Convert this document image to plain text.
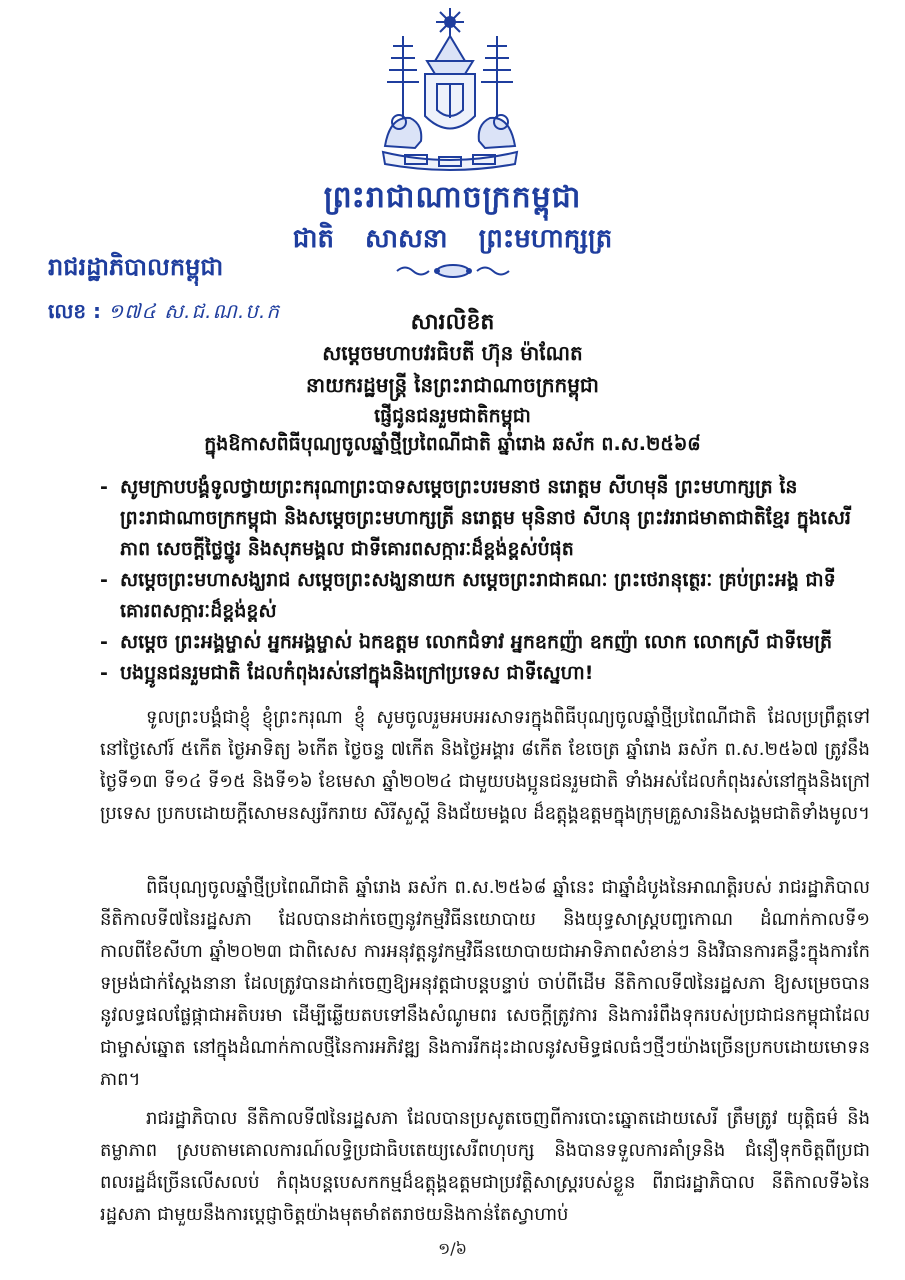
ព្រះរាជាណាចក្រកម្ពុជា
ជាតិ សាសនា ព្រះមហាក្សត្រ
រាជរដ្ឋាភិបាលកម្ពុជា
លេខ : ១៧៤ ស.ជ.ណ.ប.ក	សារលិខិត
សម្តេចមហាបវរធិបតី ហ៊ុន ម៉ាណែត
នាយករដ្ឋមន្ត្រី នៃព្រះរាជាណាចក្រកម្ពុជា
ផ្ញើជូនជនរួមជាតិកម្ពុជា
ក្នុងឱកាសពិធីបុណ្យចូលឆ្នាំថ្មីប្រពៃណីជាតិ ឆ្នាំរោង ឆស័ក ព.ស.២៥៦៨
- សូមក្រាបបង្គំទូលថ្វាយព្រះករុណាព្រះបាទសម្តេចព្រះបរមនាថ នរោត្តម សីហមុនី ព្រះមហាក្សត្រ នៃព្រះរាជាណាចក្រកម្ពុជា និងសម្តេចព្រះមហាក្សត្រី នរោត្តម មុនិនាថ សីហនុ ព្រះវររាជមាតាជាតិខ្មែរ ក្នុងសេរីភាព សេចក្តីថ្លៃថ្នូរ និងសុភមង្គល ជាទីគោរពសក្ការៈដ៏ខ្ពង់ខ្ពស់បំផុត
- សម្តេចព្រះមហាសង្ឃរាជ សម្តេចព្រះសង្ឃនាយក សម្តេចព្រះរាជាគណៈ ព្រះថេរានុត្ថេរៈ គ្រប់ព្រះអង្គ ជាទីគោរពសក្ការៈដ៏ខ្ពង់ខ្ពស់
- សម្តេច ព្រះអង្គម្ចាស់ អ្នកអង្គម្ចាស់ ឯកឧត្តម លោកជំទាវ អ្នកឧកញ៉ា ឧកញ៉ា លោក លោកស្រី ជាទីមេត្រី
- បងប្អូនជនរួមជាតិ ដែលកំពុងរស់នៅក្នុងនិងក្រៅប្រទេស ជាទីស្នេហា!

ទូលព្រះបង្គំជាខ្ញុំ ខ្ញុំព្រះករុណា ខ្ញុំ សូមចូលរួមអបអរសាទរក្នុងពិធីបុណ្យចូលឆ្នាំថ្មីប្រពៃណីជាតិ ដែលប្រព្រឹត្តទៅនៅថ្ងៃសៅរ៍ ៥កើត ថ្ងៃអាទិត្យ ៦កើត ថ្ងៃចន្ទ ៧កើត និងថ្ងៃអង្គារ ៨កើត ខែចេត្រ ឆ្នាំរោង ឆស័ក ព.ស.២៥៦៧ ត្រូវនឹងថ្ងៃទី១៣ ទី១៤ ទី១៥ និងទី១៦ ខែមេសា ឆ្នាំ២០២៤ ជាមួយបងប្អូនជនរួមជាតិ ទាំងអស់ដែលកំពុងរស់នៅក្នុងនិងក្រៅប្រទេស ប្រកបដោយក្តីសោមនស្សរីករាយ សិរីសួស្តី និងជ័យមង្គល ដ៏ឧត្តុង្គឧត្តមក្នុងក្រុមគ្រួសារនិងសង្គមជាតិទាំងមូល។

ពិធីបុណ្យចូលឆ្នាំថ្មីប្រពៃណីជាតិ ឆ្នាំរោង ឆស័ក ព.ស.២៥៦៨ ឆ្នាំនេះ ជាឆ្នាំដំបូងនៃអាណត្តិរបស់ រាជរដ្ឋាភិបាល នីតិកាលទី៧នៃរដ្ឋសភា ដែលបានដាក់ចេញនូវកម្មវិធីនយោបាយ និងយុទ្ធសាស្ត្របញ្ចកោណ ដំណាក់កាលទី១ កាលពីខែសីហា ឆ្នាំ២០២៣ ជាពិសេស ការអនុវត្តនូវកម្មវិធីនយោបាយជាអាទិភាពសំខាន់ៗ និងវិធានការគន្លឹះក្នុងការកែទម្រង់ជាក់ស្តែងនានា ដែលត្រូវបានដាក់ចេញឱ្យអនុវត្តជាបន្តបន្ទាប់ ចាប់ពីដើម នីតិកាលទី៧នៃរដ្ឋសភា ឱ្យសម្រេចបាននូវលទ្ធផលផ្លែផ្កាជាអតិបរមា ដើម្បីឆ្លើយតបទៅនឹងសំណូមពរ សេចក្តីត្រូវការ និងការរំពឹងទុករបស់ប្រជាជនកម្ពុជាដែលជាម្ចាស់ឆ្នោត នៅក្នុងដំណាក់កាលថ្មីនៃការអភិវឌ្ឍ និងការរីកដុះដាលនូវសមិទ្ធផលធំៗថ្មីៗយ៉ាងច្រើនប្រកបដោយមោទនភាព។

រាជរដ្ឋាភិបាល នីតិកាលទី៧នៃរដ្ឋសភា ដែលបានប្រសូតចេញពីការបោះឆ្នោតដោយសេរី ត្រឹមត្រូវ យុត្តិធម៌ និងតម្លាភាព ស្របតាមគោលការណ៍លទ្ធិប្រជាធិបតេយ្យសេរីពហុបក្ស និងបានទទួលការគាំទ្រនិង ជំនឿទុកចិត្តពីប្រជាពលរដ្ឋដ៏ច្រើនលើសលប់ កំពុងបន្តបេសកកម្មដ៏ឧត្តុង្គឧត្តមជាប្រវត្តិសាស្ត្ររបស់ខ្លួន ពីរាជរដ្ឋាភិបាល នីតិកាលទី៦នៃរដ្ឋសភា ជាមួយនឹងការប្តេជ្ញាចិត្តយ៉ាងមុតមាំឥតរាថយនិងកាន់តែស្វាហាប់

១/៦
